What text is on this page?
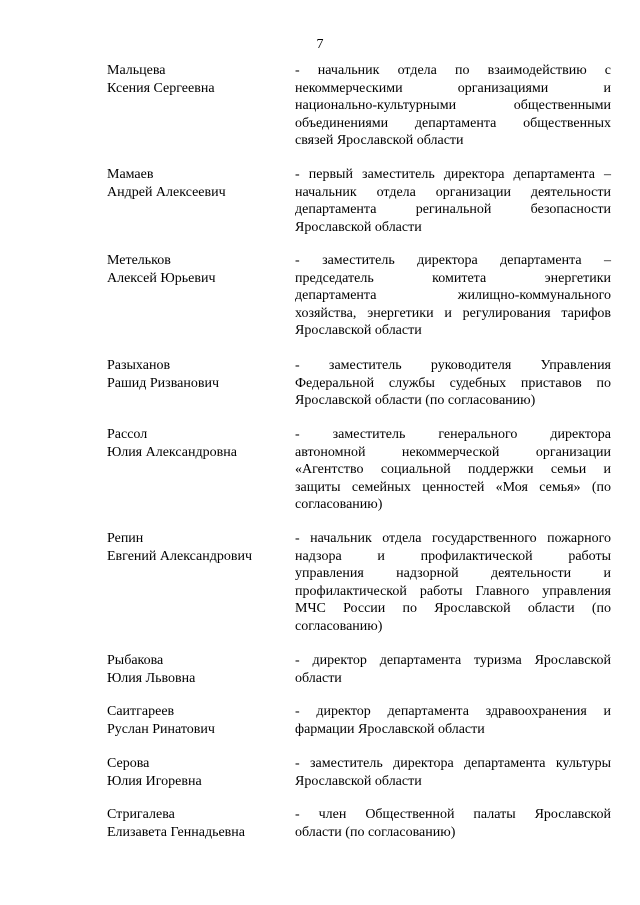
7
Мальцева
Ксения Сергеевна
- начальник отдела по взаимодействию с
некоммерческими организациями и
национально-культурными общественными
объединениями департамента общественных
связей Ярославской области
Мамаев
Андрей Алексеевич
- первый заместитель директора департамента –
начальник отдела организации деятельности
департамента регинальной безопасности
Ярославской области
Метельков
Алексей Юрьевич
- заместитель директора департамента –
председатель комитета энергетики
департамента жилищно-коммунального
хозяйства, энергетики и регулирования тарифов
Ярославской области
Разыханов
Рашид Ризванович
- заместитель руководителя Управления
Федеральной службы судебных приставов по
Ярославской области (по согласованию)
Рассол
Юлия Александровна
- заместитель генерального директора
автономной некоммерческой организации
«Агентство социальной поддержки семьи и
защиты семейных ценностей «Моя семья» (по
согласованию)
Репин
Евгений Александрович
- начальник отдела государственного пожарного
надзора и профилактической работы
управления надзорной деятельности и
профилактической работы Главного управления
МЧС России по Ярославской области (по
согласованию)
Рыбакова
Юлия Львовна
- директор департамента туризма Ярославской
области
Саитгареев
Руслан Ринатович
- директор департамента здравоохранения и
фармации Ярославской области
Серова
Юлия Игоревна
- заместитель директора департамента культуры
Ярославской области
Стригалева
Елизавета Геннадьевна
- член Общественной палаты Ярославской
области (по согласованию)
